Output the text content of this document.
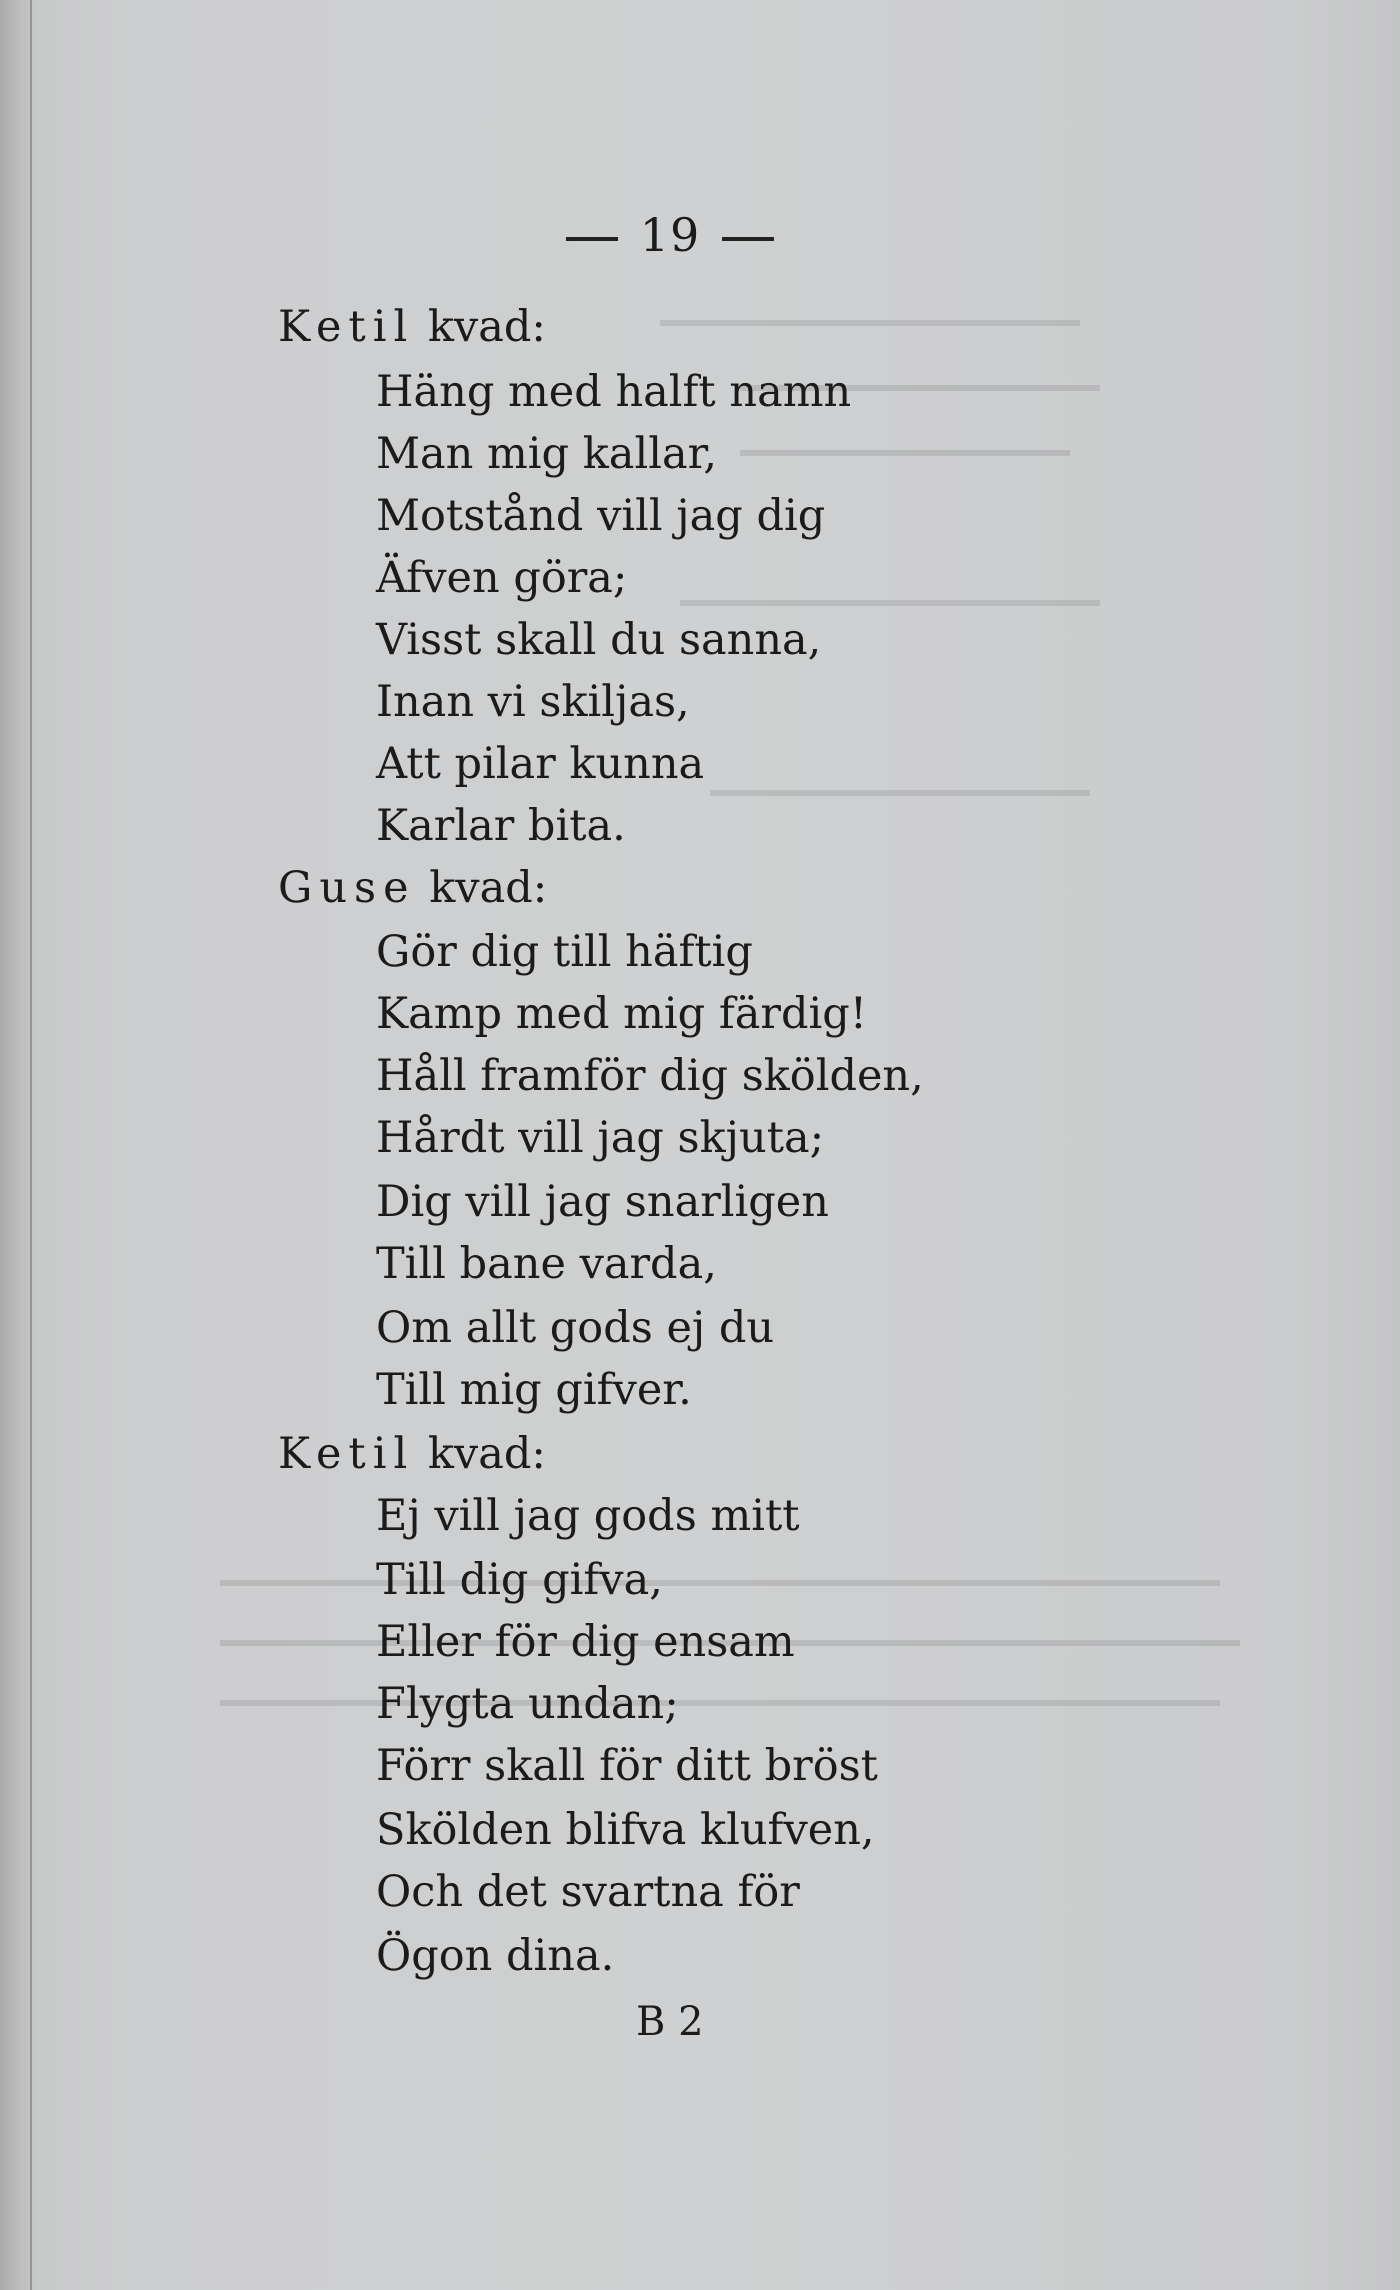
19
Ketil kvad:
Häng med halft namn
Man mig kallar,
Motstånd vill jag dig
Äfven göra;
Visst skall du sanna,
Inan vi skiljas,
Att pilar kunna
Karlar bita.
Guse kvad:
Gör dig till häftig
Kamp med mig färdig!
Håll framför dig skölden,
Hårdt vill jag skjuta;
Dig vill jag snarligen
Till bane varda,
Om allt gods ej du
Till mig gifver.
Ketil kvad:
Ej vill jag gods mitt
Till dig gifva,
Eller för dig ensam
Flygta undan;
Förr skall för ditt bröst
Skölden blifva klufven,
Och det svartna för
Ögon dina.
B 2
